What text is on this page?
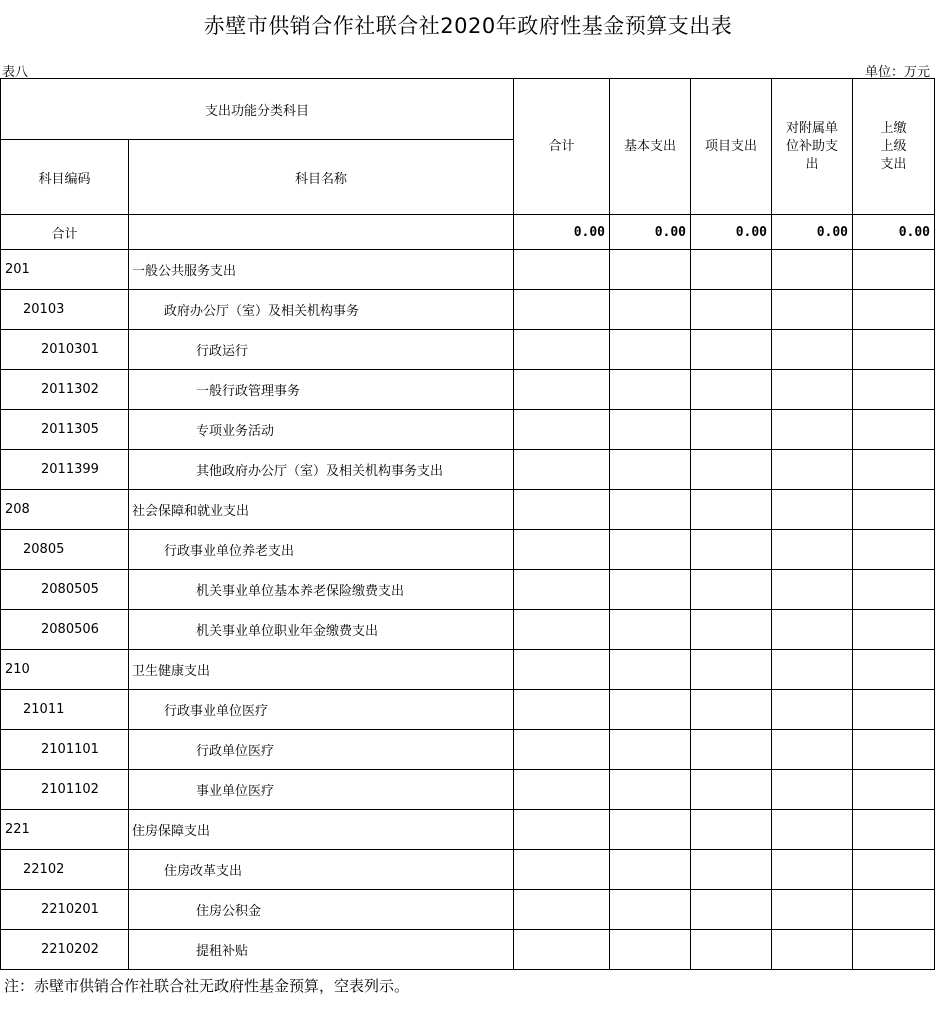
赤壁市供销合作社联合社2020年政府性基金预算支出表
表八	单位：万元
支出功能分类科目		合计	基本支出	项目支出	对附属单位补助支出	上缴上级支出
科目编码	科目名称					
合计		0.00	0.00	0.00	0.00	0.00
201	一般公共服务支出					
20103	政府办公厅（室）及相关机构事务					
2010301	行政运行					
2011302	一般行政管理事务					
2011305	专项业务活动					
2011399	其他政府办公厅（室）及相关机构事务支出					
208	社会保障和就业支出					
20805	行政事业单位养老支出					
2080505	机关事业单位基本养老保险缴费支出					
2080506	机关事业单位职业年金缴费支出					
210	卫生健康支出					
21011	行政事业单位医疗					
2101101	行政单位医疗					
2101102	事业单位医疗					
221	住房保障支出					
22102	住房改革支出					
2210201	住房公积金					
2210202	提租补贴					
注：赤壁市供销合作社联合社无政府性基金预算，空表列示。
